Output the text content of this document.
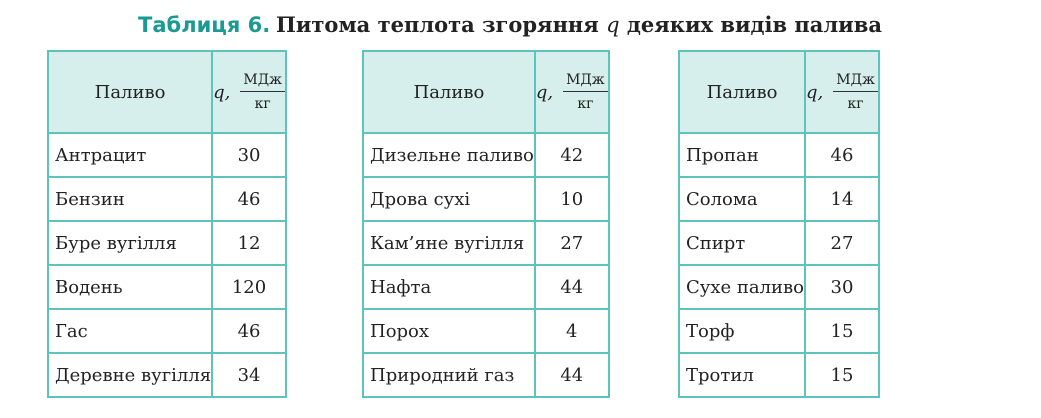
Таблиця 6. Питома теплота згоряння q деяких видів палива
Паливо	q, $\frac{\text{МДж}}{кг}$

Антрацит	30
Бензин	46
Буре вугілля	12
Водень	120
Гас	46
Деревне вугілля	34
Паливо	q, $\frac{\text{МДж}}{кг}$

Дизельне паливо	42
Дрова сухі	10
Кам’яне вугілля	27
Нафта	44
Порох	4
Природний газ	44
Паливо	q, $\frac{\text{МДж}}{кг}$

Пропан	46
Солома	14
Спирт	27
Сухе паливо	30
Торф	15
Тротил	15
